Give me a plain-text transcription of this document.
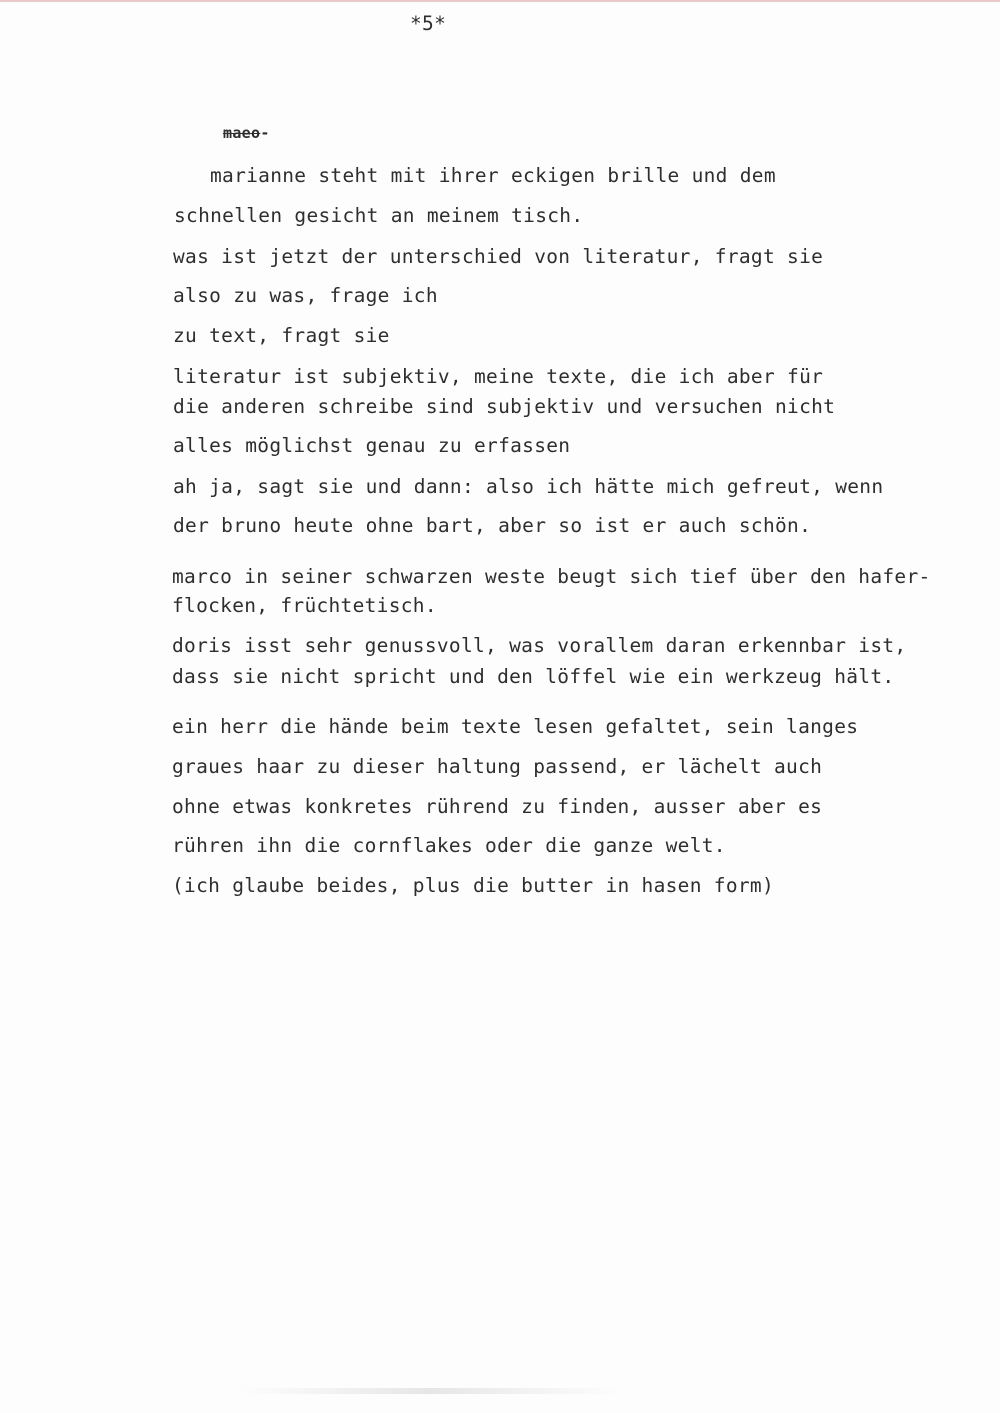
*5*
maeo-
marianne steht mit ihrer eckigen brille und dem
schnellen gesicht an meinem tisch.
was ist jetzt der unterschied von literatur, fragt sie
also zu was, frage ich
zu text, fragt sie
literatur ist subjektiv, meine texte, die ich aber für
die anderen schreibe sind subjektiv und versuchen nicht
alles möglichst genau zu erfassen
ah ja, sagt sie und dann: also ich hätte mich gefreut, wenn
der bruno heute ohne bart, aber so ist er auch schön.
marco in seiner schwarzen weste beugt sich tief über den hafer-
flocken, früchtetisch.
doris isst sehr genussvoll, was vorallem daran erkennbar ist,
dass sie nicht spricht und den löffel wie ein werkzeug hält.
ein herr die hände beim texte lesen gefaltet, sein langes
graues haar zu dieser haltung passend, er lächelt auch
ohne etwas konkretes rührend zu finden, ausser aber es
rühren ihn die cornflakes oder die ganze welt.
(ich glaube beides, plus die butter in hasen form)
